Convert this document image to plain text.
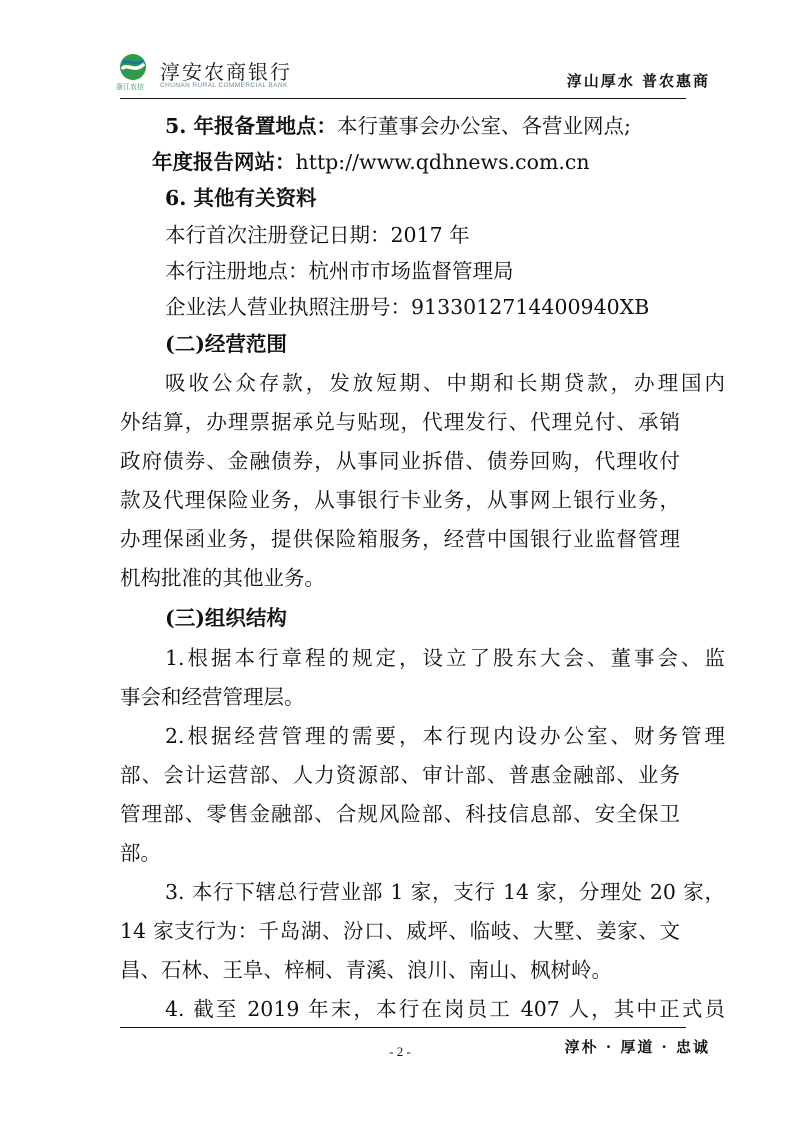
浙江农信
淳安农商银行
CHUNAN RURAL COMMERCIAL BANK	淳山厚水 普农惠商
5. 年报备置地点：本行董事会办公室、各营业网点;
年度报告网站：http://www.qdhnews.com.cn
6. 其他有关资料
本行首次注册登记日期：2017 年
本行注册地点：杭州市市场监督管理局
企业法人营业执照注册号：9133012714400940XB
(二)经营范围
吸收公众存款，发放短期、中期和长期贷款，办理国内
外结算，办理票据承兑与贴现，代理发行、代理兑付、承销
政府债券、金融债券，从事同业拆借、债券回购，代理收付
款及代理保险业务，从事银行卡业务，从事网上银行业务，
办理保函业务，提供保险箱服务，经营中国银行业监督管理
机构批准的其他业务。
(三)组织结构
1.根据本行章程的规定，设立了股东大会、董事会、监
事会和经营管理层。
2.根据经营管理的需要，本行现内设办公室、财务管理
部、会计运营部、人力资源部、审计部、普惠金融部、业务
管理部、零售金融部、合规风险部、科技信息部、安全保卫
部。
3. 本行下辖总行营业部 1 家，支行 14 家，分理处 20 家，
14 家支行为：千岛湖、汾口、威坪、临岐、大墅、姜家、文
昌、石林、王阜、梓桐、青溪、浪川、南山、枫树岭。
4. 截至 2019 年末，本行在岗员工 407 人，其中正式员
- 2 -	淳朴 · 厚道 · 忠诚
